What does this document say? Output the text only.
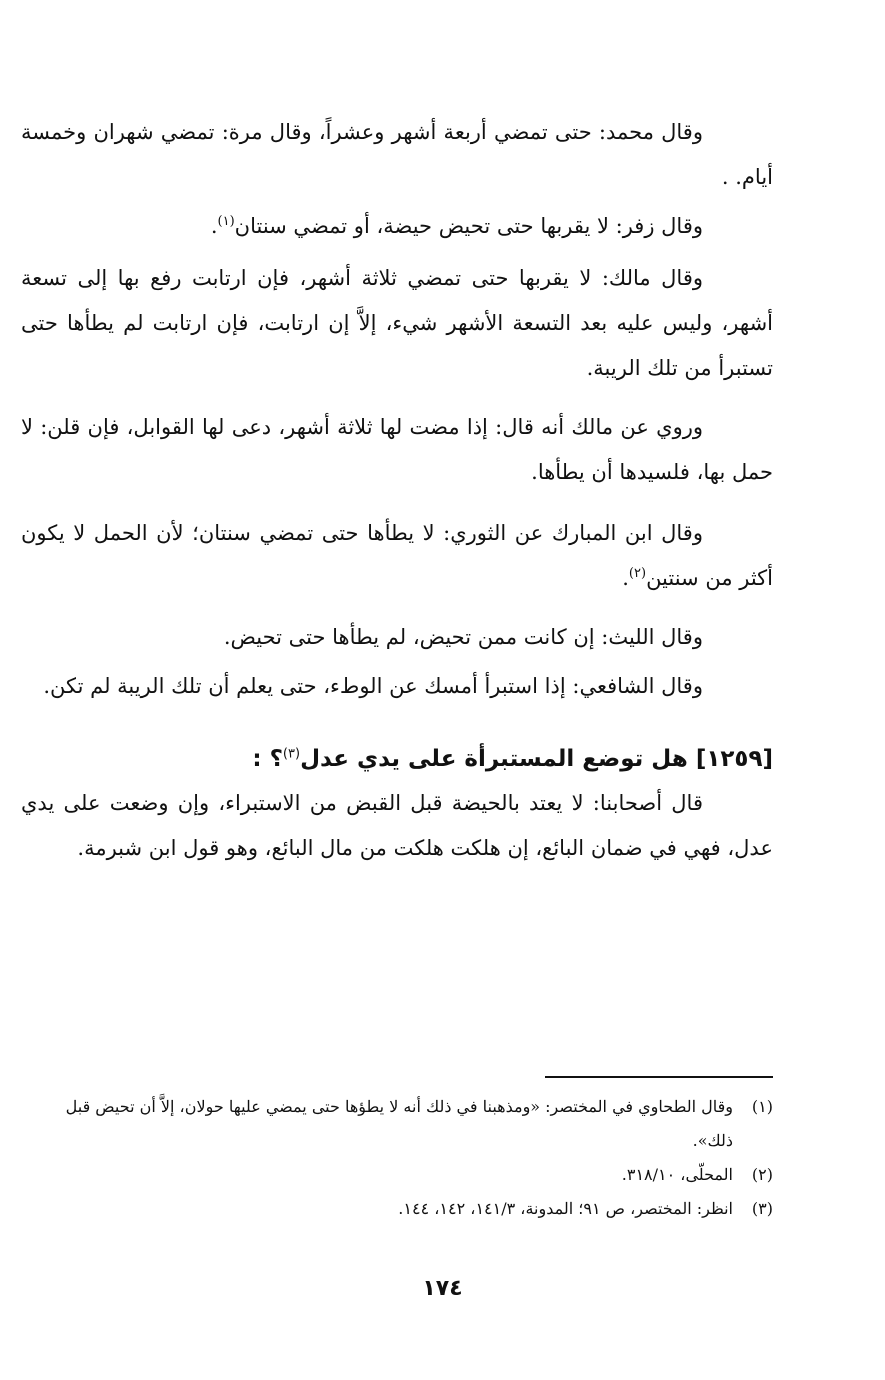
وقال محمد: حتى تمضي أربعة أشهر وعشراً، وقال مرة: تمضي شهران وخمسة أيام. .

وقال زفر: لا يقربها حتى تحيض حيضة، أو تمضي سنتان$^{(١)}$.

وقال مالك: لا يقربها حتى تمضي ثلاثة أشهر، فإن ارتابت رفع بها إلى تسعة أشهر، وليس عليه بعد التسعة الأشهر شيء، إلاَّ إن ارتابت، فإن ارتابت لم يطأها حتى تستبرأ من تلك الريبة.

وروي عن مالك أنه قال: إذا مضت لها ثلاثة أشهر، دعى لها القوابل، فإن قلن: لا حمل بها، فلسيدها أن يطأها.

وقال ابن المبارك عن الثوري: لا يطأها حتى تمضي سنتان؛ لأن الحمل لا يكون أكثر من سنتين$^{(٢)}$.

وقال الليث: إن كانت ممن تحيض، لم يطأها حتى تحيض.

وقال الشافعي: إذا استبرأ أمسك عن الوطء، حتى يعلم أن تلك الريبة لم تكن.

[١٢٥٩] هل توضع المستبرأة على يدي عدل$^{(٣)}$؟ :

قال أصحابنا: لا يعتد بالحيضة قبل القبض من الاستبراء، وإن وضعت على يدي عدل، فهي في ضمان البائع، إن هلكت هلكت من مال البائع، وهو قول ابن شبرمة.

(١)
وقال الطحاوي في المختصر: «ومذهبنا في ذلك أنه لا يطؤها حتى يمضي عليها حولان، إلاَّ أن تحيض قبل ذلك».
(٢)
المحلّى، ٣١٨/١٠.
(٣)
انظر: المختصر، ص ٩١؛ المدونة، ١٤١/٣، ١٤٢، ١٤٤.
١٧٤
